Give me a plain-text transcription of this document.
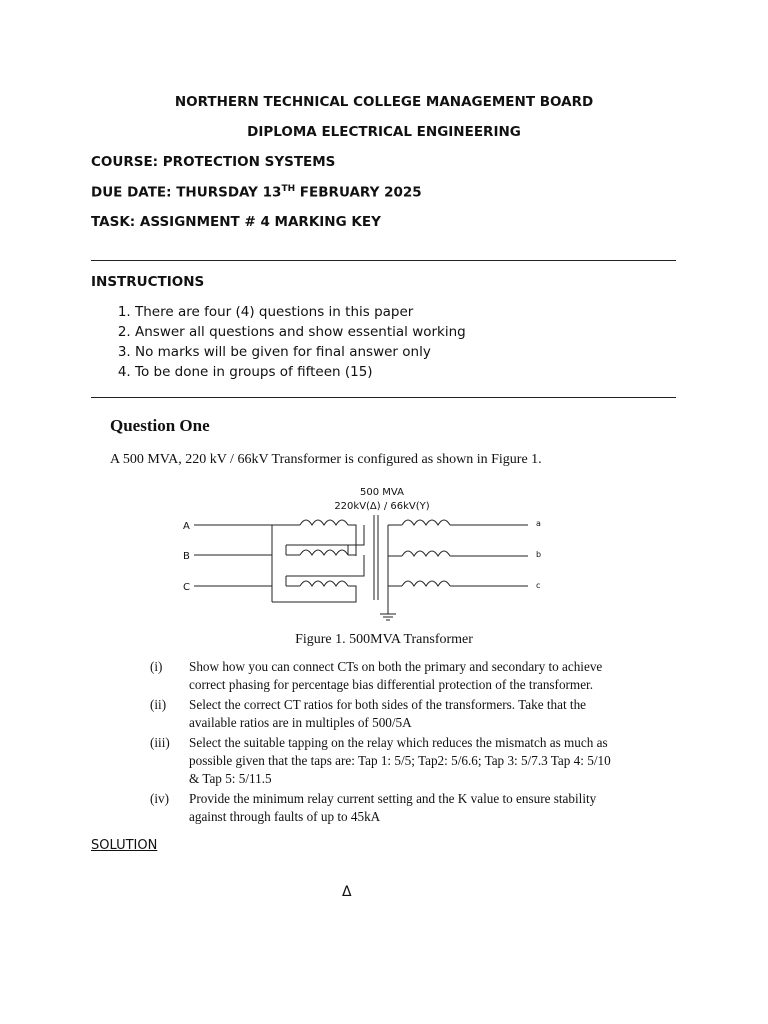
NORTHERN TECHNICAL COLLEGE MANAGEMENT BOARD
DIPLOMA ELECTRICAL ENGINEERING
COURSE: PROTECTION SYSTEMS
DUE DATE: THURSDAY 13TH FEBRUARY 2025
TASK: ASSIGNMENT # 4 MARKING KEY
INSTRUCTIONS
1. There are four (4) questions in this paper
2. Answer all questions and show essential working
3. No marks will be given for final answer only
4. To be done in groups of fifteen (15)
Question One
A 500 MVA, 220 kV / 66kV Transformer is configured as shown in Figure 1.
500 MVA
220kV(Δ) / 66kV(Y)
A
B
C
a
b
c
Figure 1. 500MVA Transformer
(i)	Show how you can connect CTs on both the primary and secondary to achieve correct phasing for percentage bias differential protection of the transformer.
(ii)	Select the correct CT ratios for both sides of the transformers. Take that the available ratios are in multiples of 500/5A
(iii)	Select the suitable tapping on the relay which reduces the mismatch as much as possible given that the taps are: Tap 1: 5/5; Tap2: 5/6.6; Tap 3: 5/7.3 Tap 4: 5/10 & Tap 5: 5/11.5
(iv)	Provide the minimum relay current setting and the K value to ensure stability against through faults of up to 45kA
SOLUTION
Δ
